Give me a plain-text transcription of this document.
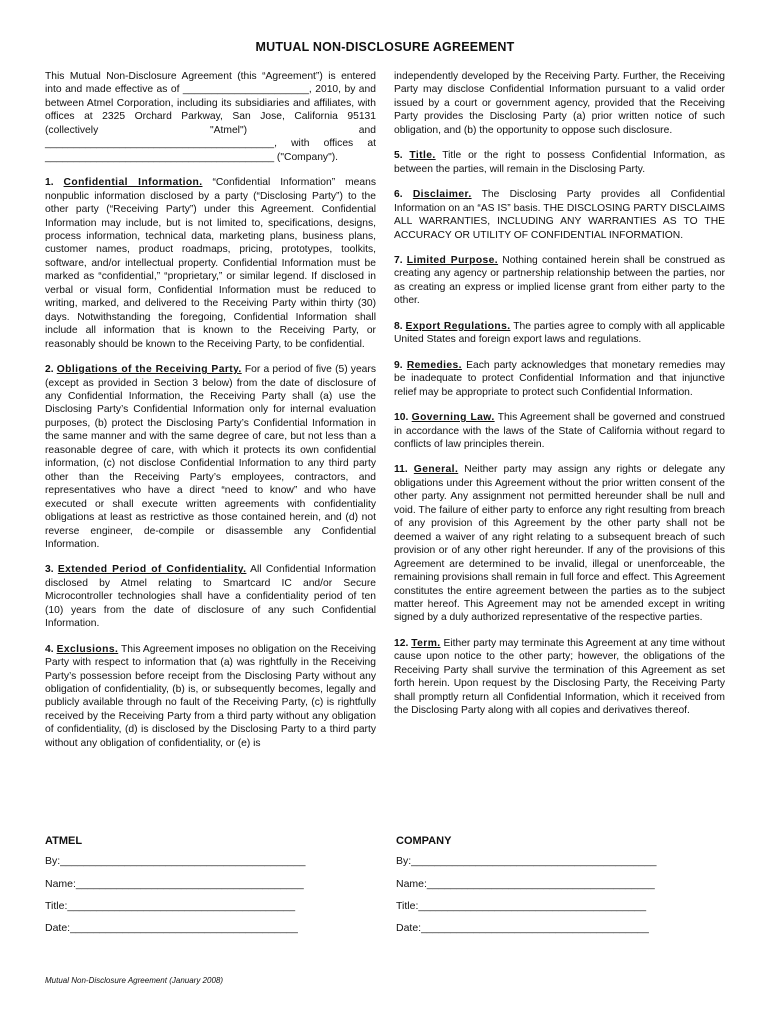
MUTUAL NON-DISCLOSURE AGREEMENT

This Mutual Non-Disclosure Agreement (this “Agreement”) is entered into and made effective as of ______________________, 2010, by and between Atmel Corporation, including its subsidiaries and affiliates, with offices at 2325 Orchard Parkway, San Jose, California 95131 (collectively "Atmel") and ________________________________________, with offices at ________________________________________ ("Company").

1. Confidential Information. “Confidential Information” means nonpublic information disclosed by a party (“Disclosing Party”) to the other party (“Receiving Party”) under this Agreement. Confidential Information may include, but is not limited to, specifications, designs, process information, technical data, marketing plans, business plans, customer names, product roadmaps, pricing, prototypes, toolkits, software, and/or intellectual property. Confidential Information must be marked as “confidential,” “proprietary,” or similar legend. If disclosed in verbal or visual form, Confidential Information must be reduced to writing, marked, and delivered to the Receiving Party within thirty (30) days. Notwithstanding the foregoing, Confidential Information shall include all information that is known to the Receiving Party, or reasonably should be known to the Receiving Party, to be confidential.

2. Obligations of the Receiving Party. For a period of five (5) years (except as provided in Section 3 below) from the date of disclosure of any Confidential Information, the Receiving Party shall (a) use the Disclosing Party’s Confidential Information only for internal evaluation purposes, (b) protect the Disclosing Party’s Confidential Information in the same manner and with the same degree of care, but not less than a reasonable degree of care, with which it protects its own confidential information, (c) not disclose Confidential Information to any third party other than the Receiving Party’s employees, contractors, and representatives who have a direct “need to know” and who have executed or shall execute written agreements with confidentiality obligations at least as restrictive as those contained herein, and (d) not reverse engineer, de-compile or disassemble any Confidential Information.

3. Extended Period of Confidentiality. All Confidential Information disclosed by Atmel relating to Smartcard IC and/or Secure Microcontroller technologies shall have a confidentiality period of ten (10) years from the date of disclosure of any such Confidential Information.

4. Exclusions. This Agreement imposes no obligation on the Receiving Party with respect to information that (a) was rightfully in the Receiving Party’s possession before receipt from the Disclosing Party without any obligation of confidentiality, (b) is, or subsequently becomes, legally and publicly available through no fault of the Receiving Party, (c) is rightfully received by the Receiving Party from a third party without any obligation of confidentiality, (d) is disclosed by the Disclosing Party to a third party without any obligation of confidentiality, or (e) is

independently developed by the Receiving Party. Further, the Receiving Party may disclose Confidential Information pursuant to a valid order issued by a court or government agency, provided that the Receiving Party provides the Disclosing Party (a) prior written notice of such obligation, and (b) the opportunity to oppose such disclosure.

5. Title. Title or the right to possess Confidential Information, as between the parties, will remain in the Disclosing Party.

6. Disclaimer. The Disclosing Party provides all Confidential Information on an “AS IS” basis. THE DISCLOSING PARTY DISCLAIMS ALL WARRANTIES, INCLUDING ANY WARRANTIES AS TO THE ACCURACY OR UTILITY OF CONFIDENTIAL INFORMATION.

7. Limited Purpose. Nothing contained herein shall be construed as creating any agency or partnership relationship between the parties, nor as creating an express or implied license grant from either party to the other.

8. Export Regulations. The parties agree to comply with all applicable United States and foreign export laws and regulations.

9. Remedies. Each party acknowledges that monetary remedies may be inadequate to protect Confidential Information and that injunctive relief may be appropriate to protect such Confidential Information.

10. Governing Law. This Agreement shall be governed and construed in accordance with the laws of the State of California without regard to conflicts of law principles therein.

11. General. Neither party may assign any rights or delegate any obligations under this Agreement without the prior written consent of the other party. Any assignment not permitted hereunder shall be null and void. The failure of either party to enforce any right resulting from breach of any provision of this Agreement by the other party shall not be deemed a waiver of any right relating to a subsequent breach of such provision or of any other right hereunder. If any of the provisions of this Agreement are determined to be invalid, illegal or unenforceable, the remaining provisions shall remain in full force and effect. This Agreement constitutes the entire agreement between the parties as to the subject matter hereof. This Agreement may not be amended except in writing signed by a duly authorized representative of the respective parties.

12. Term. Either party may terminate this Agreement at any time without cause upon notice to the other party; however, the obligations of the Receiving Party shall survive the termination of this Agreement as set forth herein. Upon request by the Disclosing Party, the Receiving Party shall promptly return all Confidential Information, which it received from the Disclosing Party along with all copies and derivatives thereof.

ATMEL
By:__________________________________________
Name:_______________________________________
Title:_______________________________________
Date:_______________________________________
COMPANY
By:__________________________________________
Name:_______________________________________
Title:_______________________________________
Date:_______________________________________
Mutual Non-Disclosure Agreement (January 2008)
